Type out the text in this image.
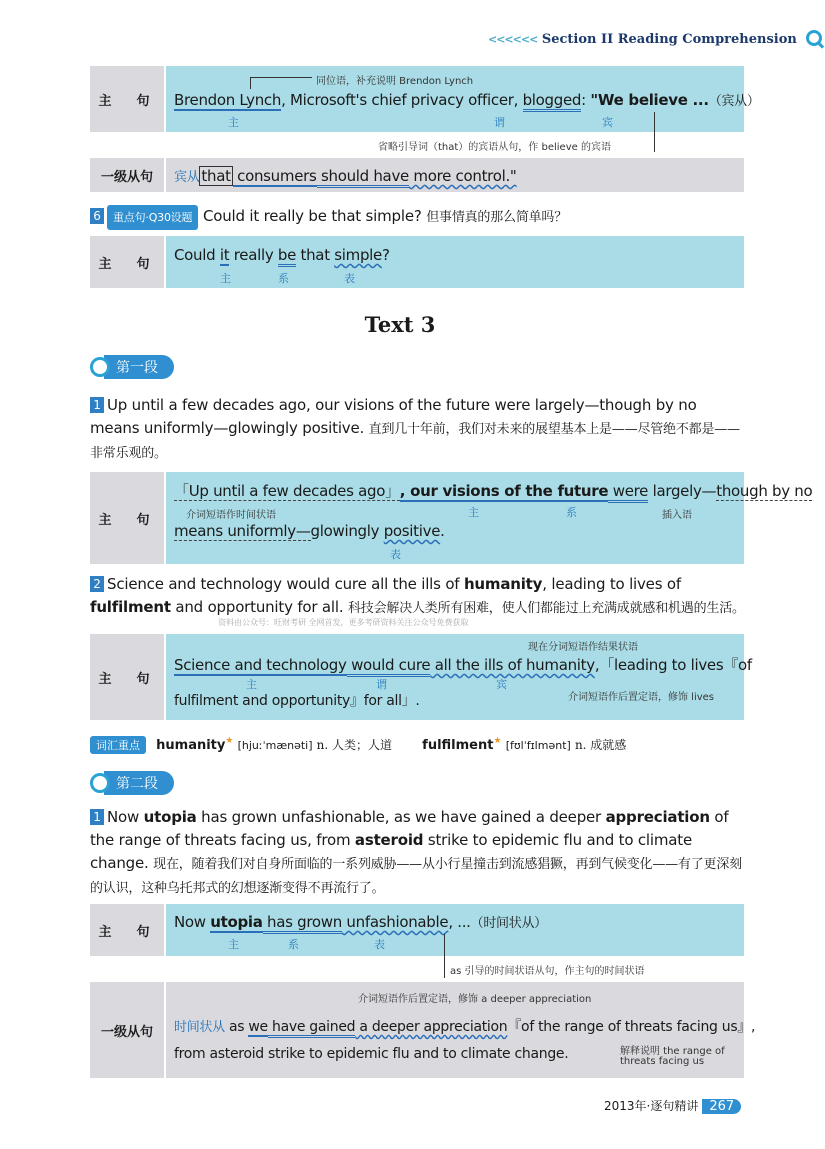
<<<<<< Section II Reading Comprehension
主　句
同位语，补充说明 Brendon Lynch
Brendon Lynch, Microsoft's chief privacy officer, blogged: "We believe ...（宾从）
主	谓	宾
省略引导词（that）的宾语从句，作 believe 的宾语
一级从句	宾从 that consumers should have more control."
6 重点句·Q30设题 Could it really be that simple? 但事情真的那么简单吗？
主　句	Could it really be that simple?
主	系	表
Text 3
第一段
1 Up until a few decades ago, our visions of the future were largely—though by no means uniformly—glowingly positive. 直到几十年前，我们对未来的展望基本上是——尽管绝不都是——非常乐观的。
主　句
「Up until a few decades ago」, our visions of the future were largely—though by no
介词短语作时间状语	插入语
主	系
means uniformly—glowingly positive.
表
2 Science and technology would cure all the ills of humanity, leading to lives of fulfilment and opportunity for all. 科技会解决人类所有困难，使人们都能过上充满成就感和机遇的生活。
资料由公众号：旺财考研 全网首发，更多考研资料关注公众号免费获取
主　句
现在分词短语作结果状语
Science and technology would cure all the ills of humanity,「leading to lives『of
主	谓	宾
fulfilment and opportunity』for all」.	介词短语作后置定语，修饰 lives
词汇重点 humanity★ [hjuːˈmænəti] n. 人类；人道 fulfilment★ [fʊlˈfɪlmənt] n. 成就感
第二段
1 Now utopia has grown unfashionable, as we have gained a deeper appreciation of the range of threats facing us, from asteroid strike to epidemic flu and to climate change. 现在，随着我们对自身所面临的一系列威胁——从小行星撞击到流感猖獗，再到气候变化——有了更深刻的认识，这种乌托邦式的幻想逐渐变得不再流行了。
主　句
Now utopia has grown unfashionable, ...（时间状从）
主	系	表
as 引导的时间状语从句，作主句的时间状语
一级从句
介词短语作后置定语，修饰 a deeper appreciation
时间状从 as we have gained a deeper appreciation『of the range of threats facing us』,
from asteroid strike to epidemic flu and to climate change.	解释说明 the range of
threats facing us
2013年·逐句精讲 267
